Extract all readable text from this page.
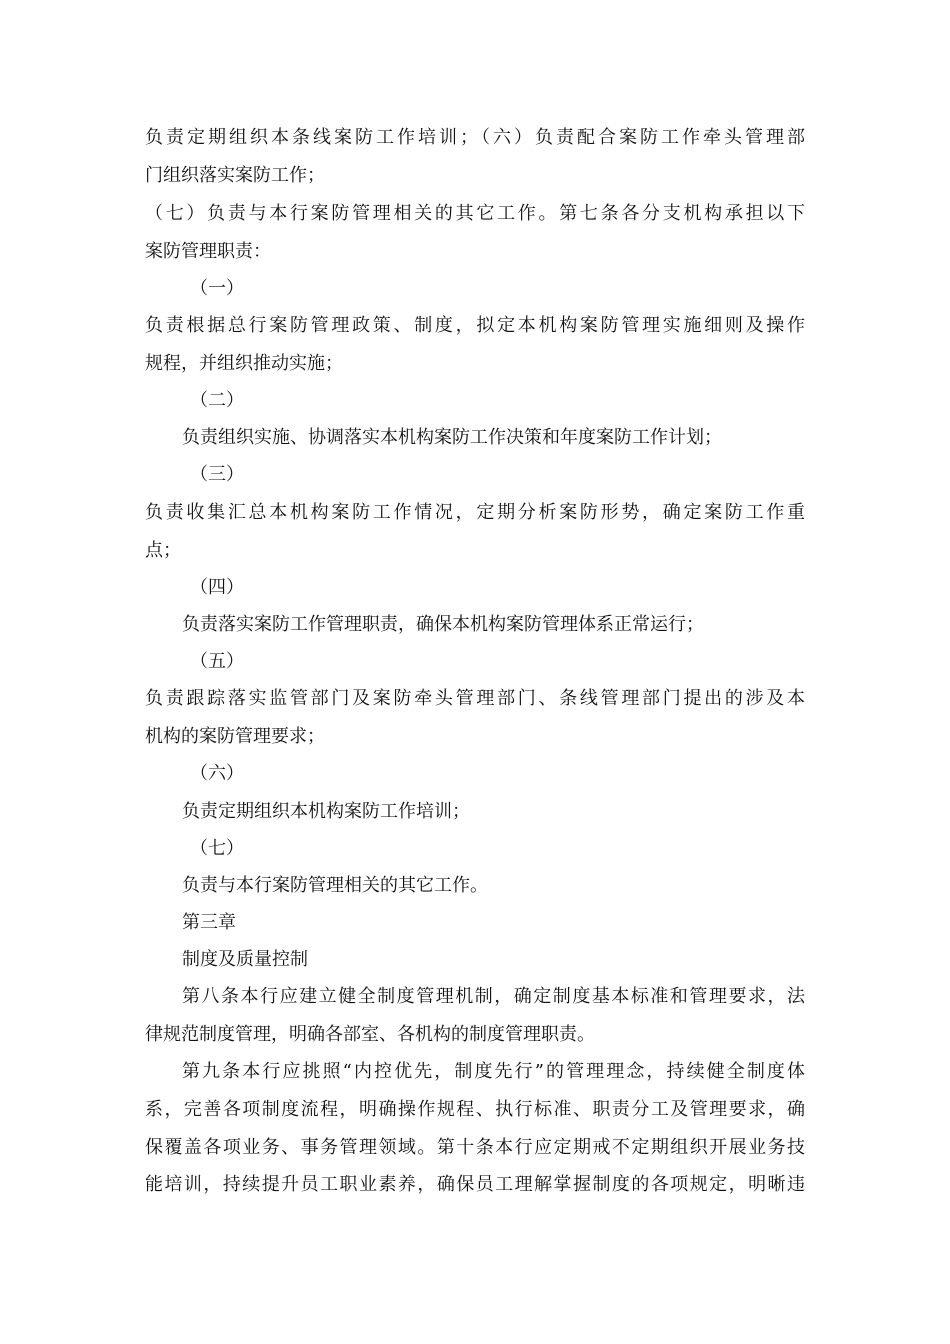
负责定期组织本条线案防工作培训；（六）负责配合案防工作牵头管理部
门组织落实案防工作；
（七）负责与本行案防管理相关的其它工作。第七条各分支机构承担以下
案防管理职责：
（一）
负责根据总行案防管理政策、制度，拟定本机构案防管理实施细则及操作
规程，并组织推动实施；
（二）
负责组织实施、协调落实本机构案防工作决策和年度案防工作计划；
（三）
负责收集汇总本机构案防工作情况，定期分析案防形势，确定案防工作重
点；
（四）
负责落实案防工作管理职责，确保本机构案防管理体系正常运行；
（五）
负责跟踪落实监管部门及案防牵头管理部门、条线管理部门提出的涉及本
机构的案防管理要求；
（六）
负责定期组织本机构案防工作培训；
（七）
负责与本行案防管理相关的其它工作。
第三章
制度及质量控制
第八条本行应建立健全制度管理机制，确定制度基本标准和管理要求，法
律规范制度管理，明确各部室、各机构的制度管理职责。
第九条本行应挑照“内控优先，制度先行”的管理理念，持续健全制度体
系，完善各项制度流程，明确操作规程、执行标准、职责分工及管理要求，确
保覆盖各项业务、事务管理领域。第十条本行应定期戒不定期组织开展业务技
能培训，持续提升员工职业素养，确保员工理解掌握制度的各项规定，明晰违
